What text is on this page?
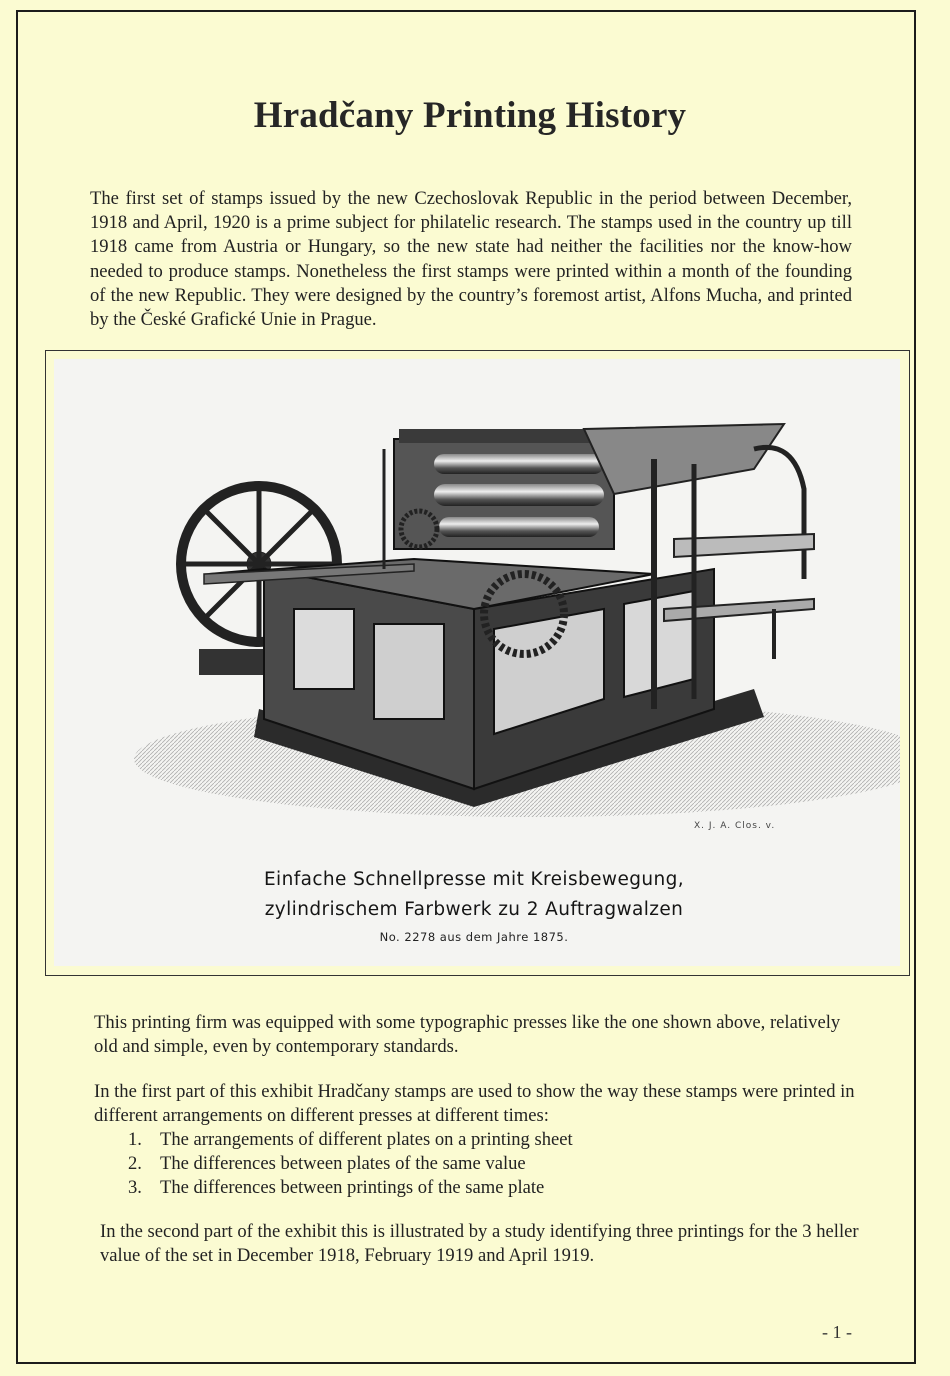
Hradčany Printing History

The first set of stamps issued by the new Czechoslovak Republic in the period between December, 1918 and April, 1920 is a prime subject for philatelic research. The stamps used in the country up till 1918 came from Austria or Hungary, so the new state had neither the facilities nor the know-how needed to produce stamps. Nonetheless the first stamps were printed within a month of the founding of the new Republic. They were designed by the country’s foremost artist, Alfons Mucha, and printed by the České Grafické Unie in Prague.

X. J. A. Clos. v.
Einfache Schnellpresse mit Kreisbewegung,
zylindrischem Farbwerk zu 2 Auftragwalzen
No. 2278 aus dem Jahre 1875.

This printing firm was equipped with some typographic presses like the one shown above, relatively old and simple, even by contemporary standards.

In the first part of this exhibit Hradčany stamps are used to show the way these stamps were printed in different arrangements on different presses at different times:

1. The arrangements of different plates on a printing sheet
2. The differences between plates of the same value
3. The differences between printings of the same plate

In the second part of the exhibit this is illustrated by a study identifying three printings for the 3 heller value of the set in December 1918, February 1919 and April 1919.

- 1 -
